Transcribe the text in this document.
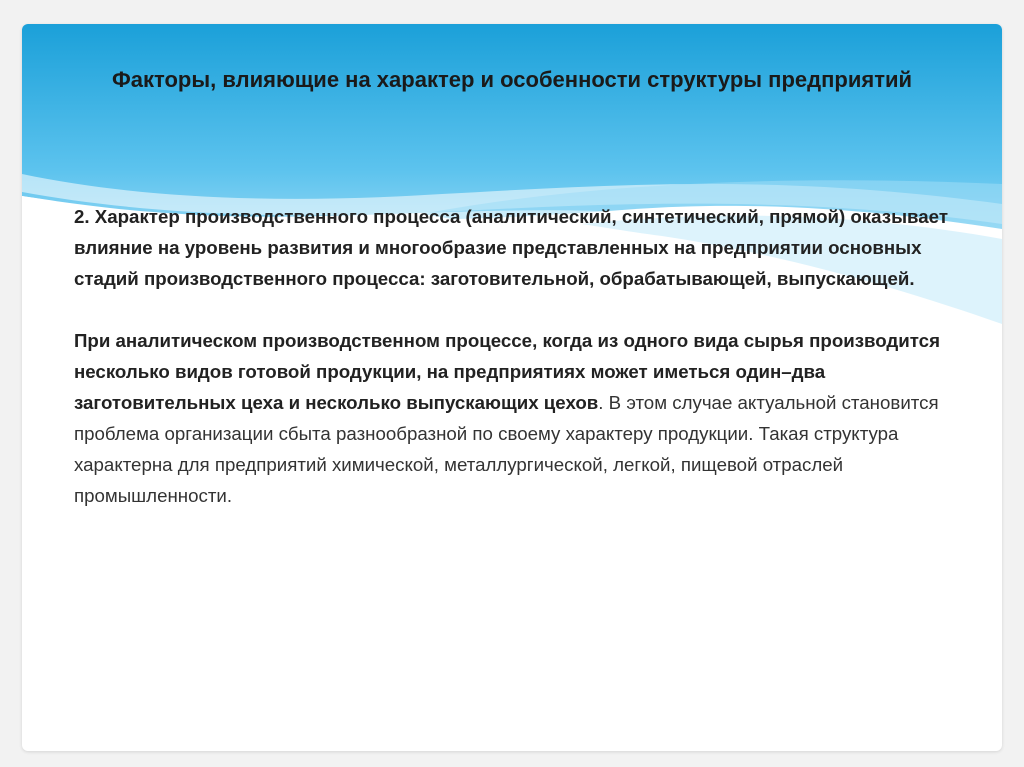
Факторы, влияющие на характер и особенности структуры предприятий

2. Характер производственного процесса (аналитический, синтетический, прямой) оказывает влияние на уровень развития и многообразие представленных на предприятии основных стадий производственного процесса: заготовительной, обрабатывающей, выпускающей.

При аналитическом производственном процессе, когда из одного вида сырья производится несколько видов готовой продукции, на предприятиях может иметься один–два заготовительных цеха и несколько выпускающих цехов. В этом случае актуальной становится проблема организации сбыта разнообразной по своему характеру продукции. Такая структура характерна для предприятий химической, металлургической, легкой, пищевой отраслей промышленности.
